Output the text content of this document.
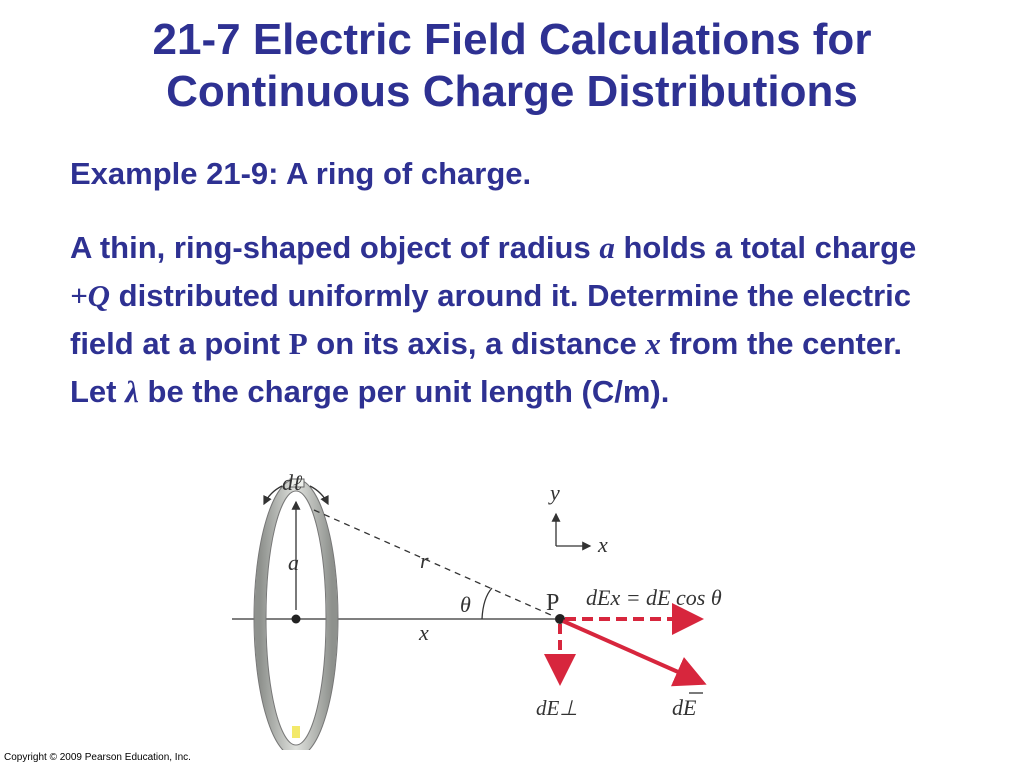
21-7 Electric Field Calculations for
Continuous Charge Distributions

Example 21-9: A ring of charge.

A thin, ring-shaped object of radius a holds a total charge +Q distributed uniformly around it. Determine the electric field at a point P on its axis, a distance x from the center. Let λ be the charge per unit length (C/m).

dℓ
a	r
θ
x
P dEx = dE cos θ
dE⊥	dE
y
x
Copyright © 2009 Pearson Education, Inc.
